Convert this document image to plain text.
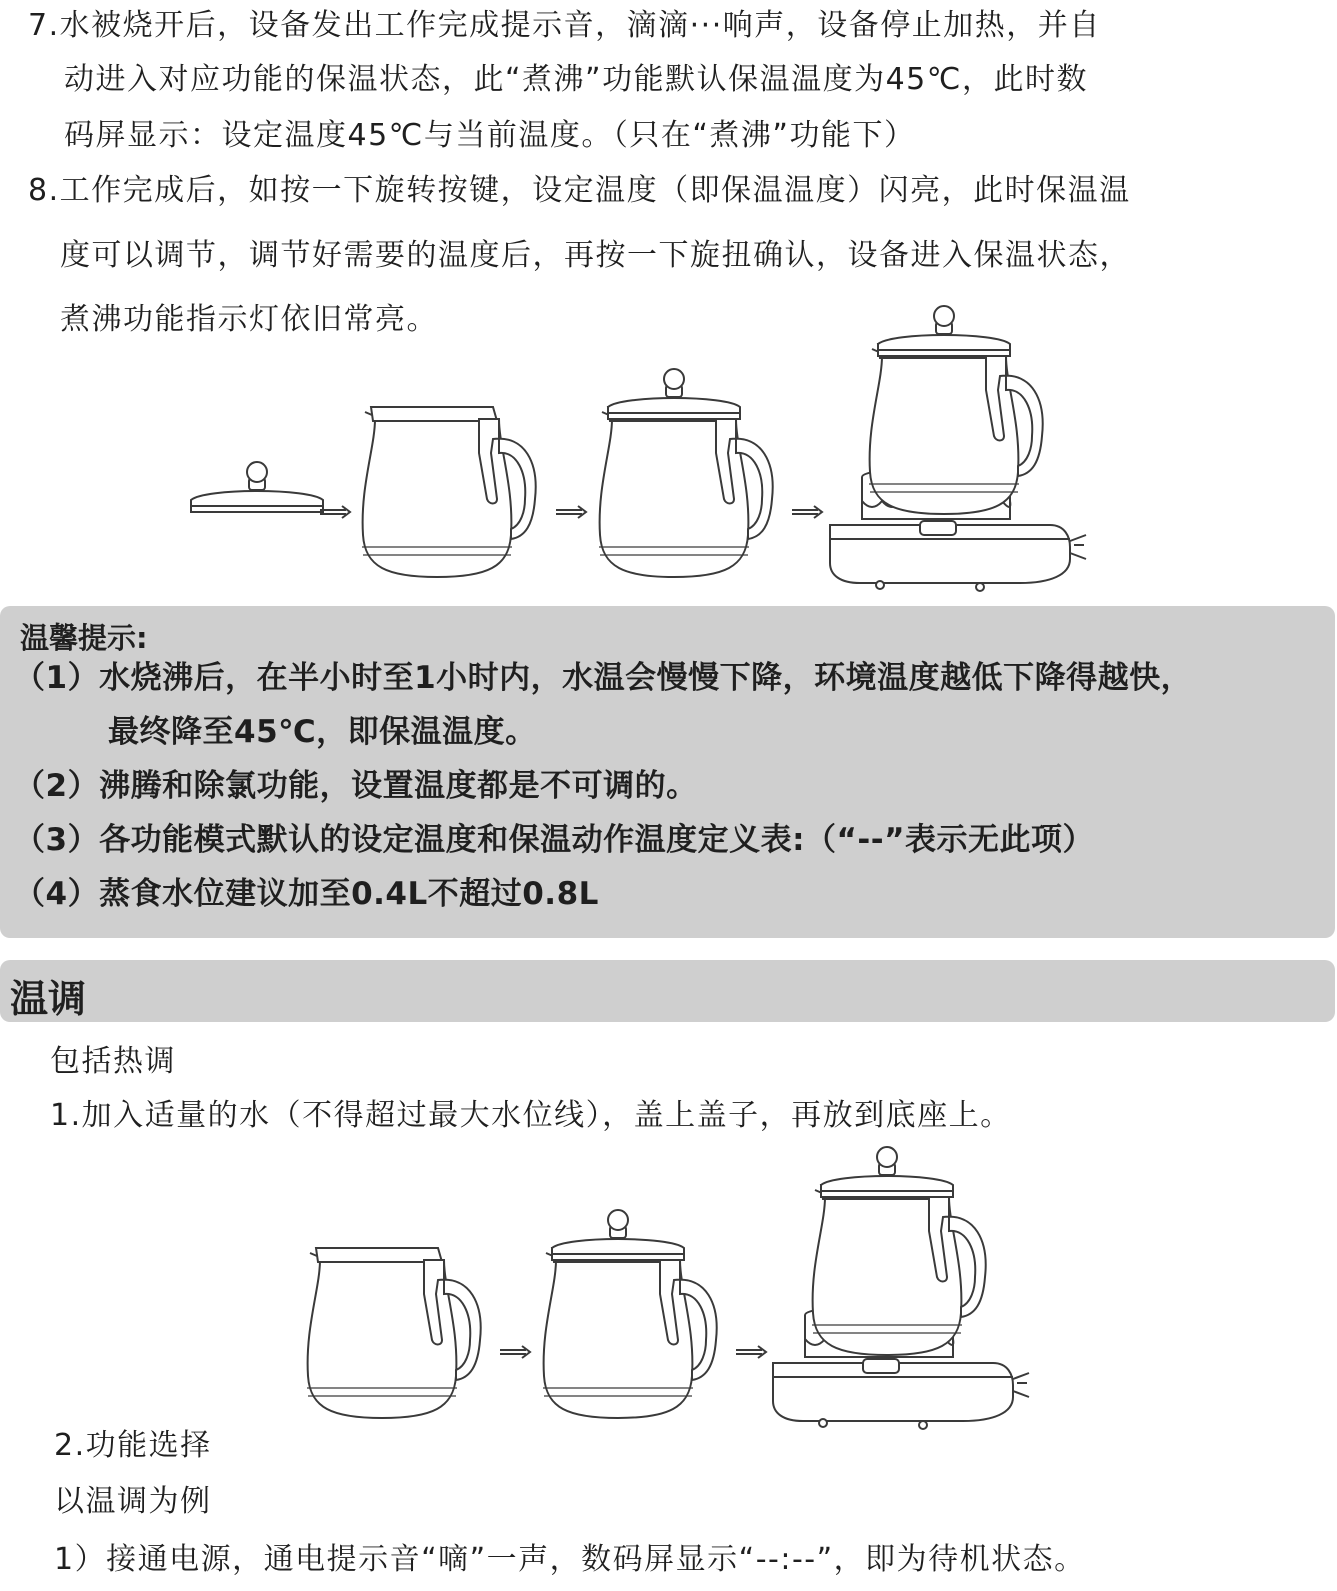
7.水被烧开后，设备发出工作完成提示音，滴滴···响声，设备停止加热，并自
动进入对应功能的保温状态，此“煮沸”功能默认保温温度为45℃，此时数
码屏显示：设定温度45℃与当前温度。（只在“煮沸”功能下）
8.工作完成后，如按一下旋转按键，设定温度（即保温温度）闪亮，此时保温温
度可以调节，调节好需要的温度后，再按一下旋扭确认，设备进入保温状态，
煮沸功能指示灯依旧常亮。
温馨提示:
（1）水烧沸后，在半小时至1小时内，水温会慢慢下降，环境温度越低下降得越快，
最终降至45℃，即保温温度。
（2）沸腾和除氯功能，设置温度都是不可调的。
（3）各功能模式默认的设定温度和保温动作温度定义表:（“--”表示无此项）
（4）蒸食水位建议加至0.4L不超过0.8L
温调
包括热调
1.加入适量的水（不得超过最大水位线），盖上盖子，再放到底座上。
2.功能选择
以温调为例
1）接通电源，通电提示音“嘀”一声，数码屏显示“--:--”，即为待机状态。
